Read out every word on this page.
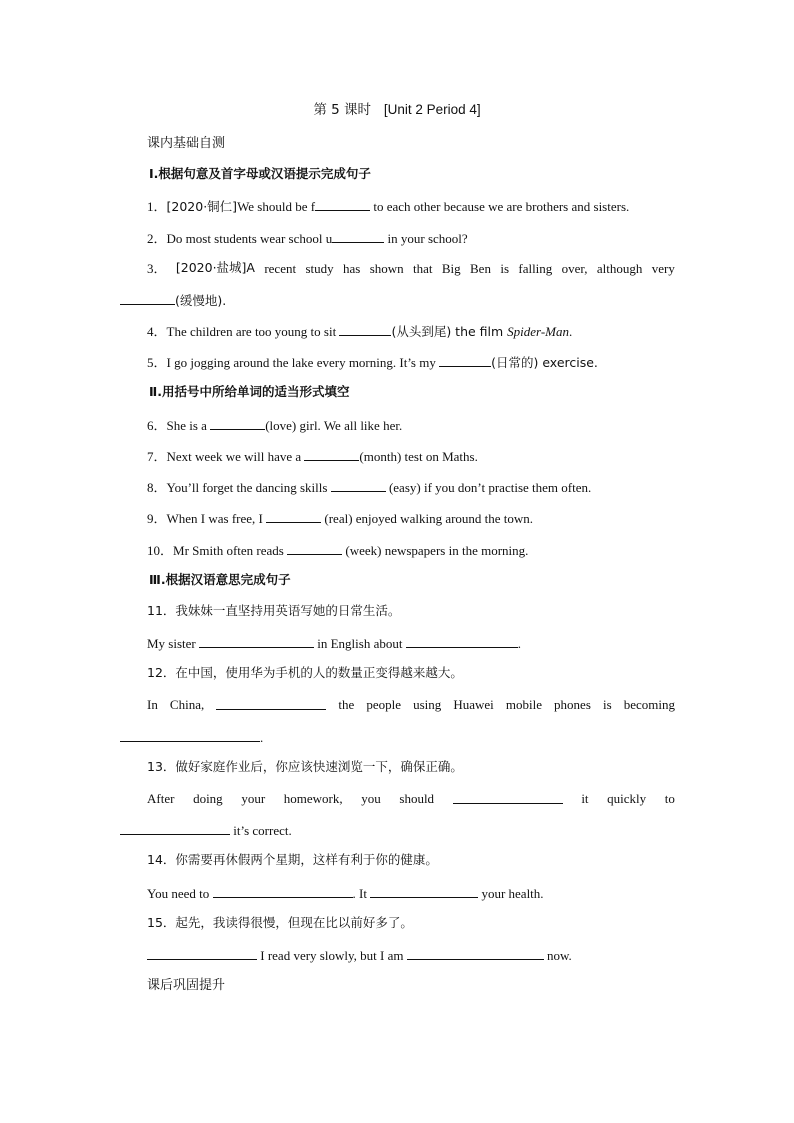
第 5 课时 [Unit 2 Period 4]
课内基础自测
Ⅰ.根据句意及首字母或汉语提示完成句子
1．[2020·铜仁]We should be f	to each other because we are brothers and sisters.
2．Do most students wear school u	in your school?
3． [2020·盐城]A recent study has shown that Big Ben is falling over, although very
(缓慢地).
4．The children are too young to sit	(从头到尾) the film Spider-Man.
5．I go jogging around the lake every morning. It’s my	(日常的) exercise.
Ⅱ.用括号中所给单词的适当形式填空
6．She is a	(love) girl. We all like her.
7．Next week we will have a	(month) test on Maths.
8．You’ll forget the dancing skills	(easy) if you don’t practise them often.
9．When I was free, I	(real) enjoyed walking around the town.
10．Mr Smith often reads	(week) newspapers in the morning.
Ⅲ.根据汉语意思完成句子
11．我妹妹一直坚持用英语写她的日常生活。
My sister	in English about	.
12．在中国，使用华为手机的人的数量正变得越来越大。
In China,	the people using Huawei mobile phones is becoming
.
13．做好家庭作业后，你应该快速浏览一下，确保正确。
After doing your homework, you should	it quickly to
it’s correct.
14．你需要再休假两个星期，这样有利于你的健康。
You need to	. It	your health.
15．起先，我读得很慢，但现在比以前好多了。
I read very slowly, but I am	now.
课后巩固提升
